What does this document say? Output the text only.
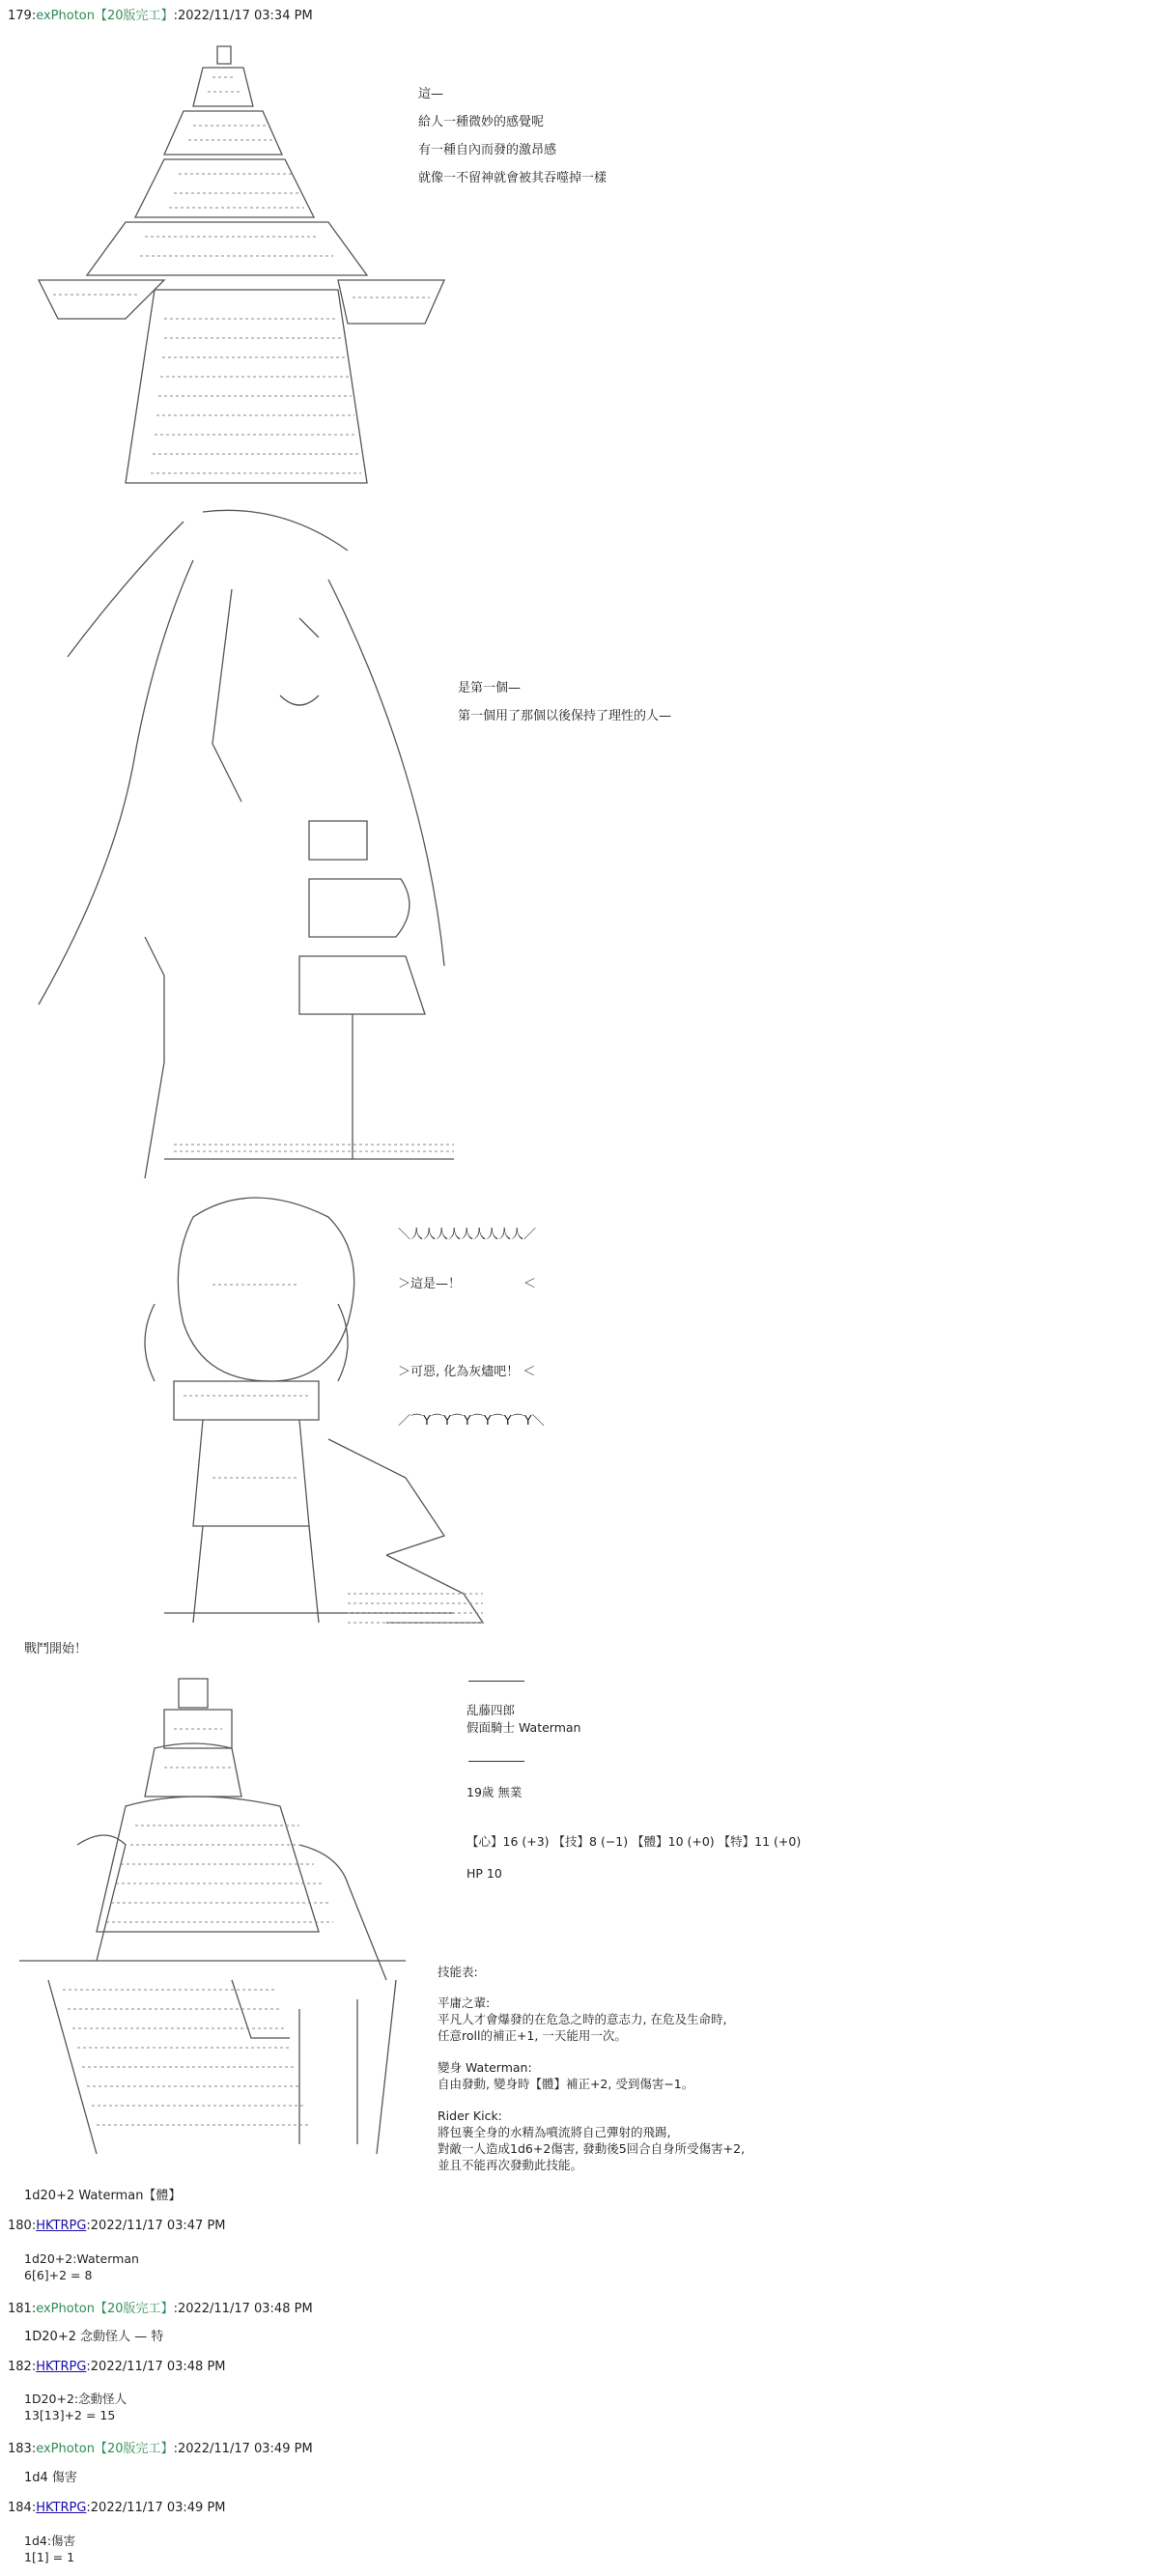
179:exPhoton【20版完工】:2022/11/17 03:34 PM
這—
給人一種微妙的感覺呢
有一種自內而發的激昂感
就像一不留神就會被其吞噬掉一樣
是第一個—
第一個用了那個以後保持了理性的人—

＼人人人人人人人人人／

＞這是—！　　　　　＜

＞可惡, 化為灰燼吧！ ＜

／⌒Y⌒Y⌒Y⌒Y⌒Y⌒Y＼

戰鬥開始！
乱藤四郎
假面騎士 Waterman
19歲 無業
【心】16 (+3) 【技】8 (−1) 【體】10 (+0) 【特】11 (+0)
HP 10
技能表:
平庸之輩:
平凡人才會爆發的在危急之時的意志力, 在危及生命時,
任意roll的補正+1, 一天能用一次。
變身 Waterman:
自由發動, 變身時【體】補正+2, 受到傷害−1。
Rider Kick:
將包裹全身的水精為噴流將自己彈射的飛踢,
對敵一人造成1d6+2傷害, 發動後5回合自身所受傷害+2,
並且不能再次發動此技能。
1d20+2 Waterman【體】
180:HKTRPG:2022/11/17 03:47 PM
1d20+2:Waterman
6[6]+2 = 8
181:exPhoton【20版完工】:2022/11/17 03:48 PM
1D20+2 念動怪人 — 特
182:HKTRPG:2022/11/17 03:48 PM
1D20+2:念動怪人
13[13]+2 = 15
183:exPhoton【20版完工】:2022/11/17 03:49 PM
1d4 傷害
184:HKTRPG:2022/11/17 03:49 PM
1d4:傷害
1[1] = 1
